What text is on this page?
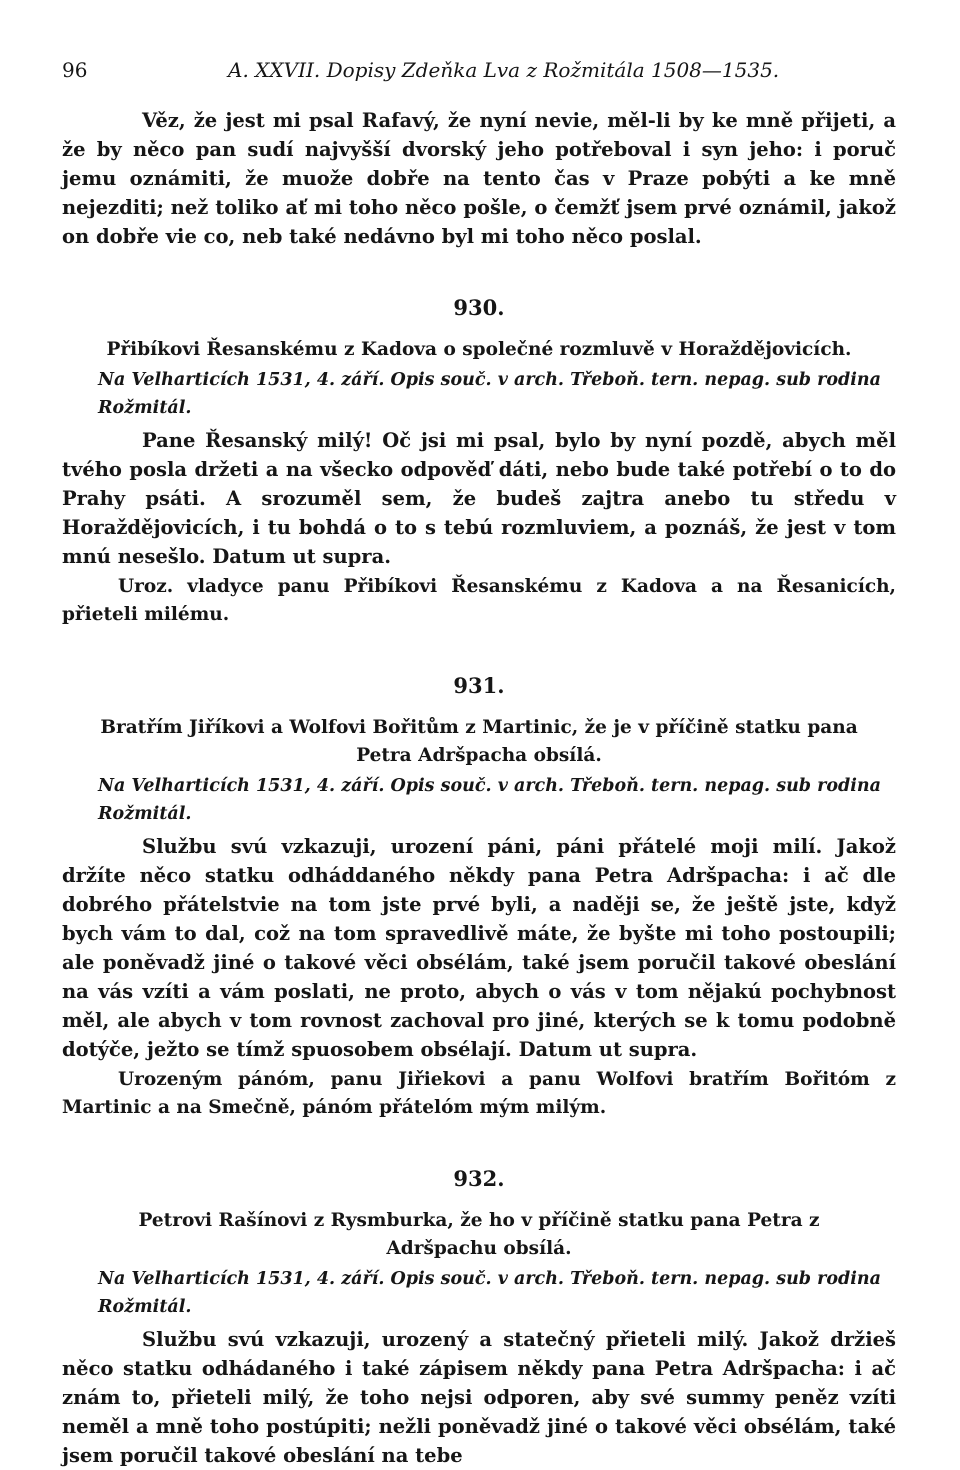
96	A. XXVII. Dopisy Zdeňka Lva z Rožmitála 1508—1535.

Věz, že jest mi psal Rafavý, že nyní nevie, měl-li by ke mně přijeti, a že by něco pan sudí najvyšší dvorský jeho potřeboval i syn jeho: i poruč jemu oznámiti, že muože dobře na tento čas v Praze pobýti a ke mně nejezditi; než toliko ať mi toho něco pošle, o čemžť jsem prvé oznámil, jakož on dobře vie co, neb také nedávno byl mi toho něco poslal.

930.

Přibíkovi Řesanskému z Kadova o společné rozmluvě v Horaždějovicích.

Na Velharticích 1531, 4. září. Opis souč. v arch. Třeboň. tern. nepag. sub rodina Rožmitál.

Pane Řesanský milý! Oč jsi mi psal, bylo by nyní pozdě, abych měl tvého posla držeti a na všecko odpověď dáti, nebo bude také potřebí o to do Prahy psáti. A srozuměl sem, že budeš zajtra anebo tu středu v Horaždějovicích, i tu bohdá o to s tebú rozmluviem, a poznáš, že jest v tom mnú nesešlo. Datum ut supra.

Uroz. vladyce panu Přibíkovi Řesanskému z Kadova a na Řesanicích, přieteli milému.

931.

Bratřím Jiříkovi a Wolfovi Bořitům z Martinic, že je v příčině statku pana Petra Adršpacha obsílá.

Na Velharticích 1531, 4. září. Opis souč. v arch. Třeboň. tern. nepag. sub rodina Rožmitál.

Službu svú vzkazuji, urození páni, páni přátelé moji milí. Jakož držíte něco statku odháddaného někdy pana Petra Adršpacha: i ač dle dobrého přátelstvie na tom jste prvé byli, a naději se, že ještě jste, když bych vám to dal, což na tom spravedlivě máte, že byšte mi toho postoupili; ale poněvadž jiné o takové věci obsélám, také jsem poručil takové obeslání na vás vzíti a vám poslati, ne proto, abych o vás v tom nějakú pochybnost měl, ale abych v tom rovnost zachoval pro jiné, kterých se k tomu podobně dotýče, ježto se tímž spuosobem obsélají. Datum ut supra.

Urozeným pánóm, panu Jiřiekovi a panu Wolfovi bratřím Bořitóm z Martinic a na Smečně, pánóm přátelóm mým milým.

932.

Petrovi Rašínovi z Rysmburka, že ho v příčině statku pana Petra z Adršpachu obsílá.

Na Velharticích 1531, 4. září. Opis souč. v arch. Třeboň. tern. nepag. sub rodina Rožmitál.

Službu svú vzkazuji, urozený a statečný přieteli milý. Jakož držieš něco statku odhádaného i také zápisem někdy pana Petra Adršpacha: i ač znám to, přieteli milý, že toho nejsi odporen, aby své summy peněz vzíti neměl a mně toho postúpiti; nežli poněvadž jiné o takové věci obsélám, také jsem poručil takové obeslání na tebe
